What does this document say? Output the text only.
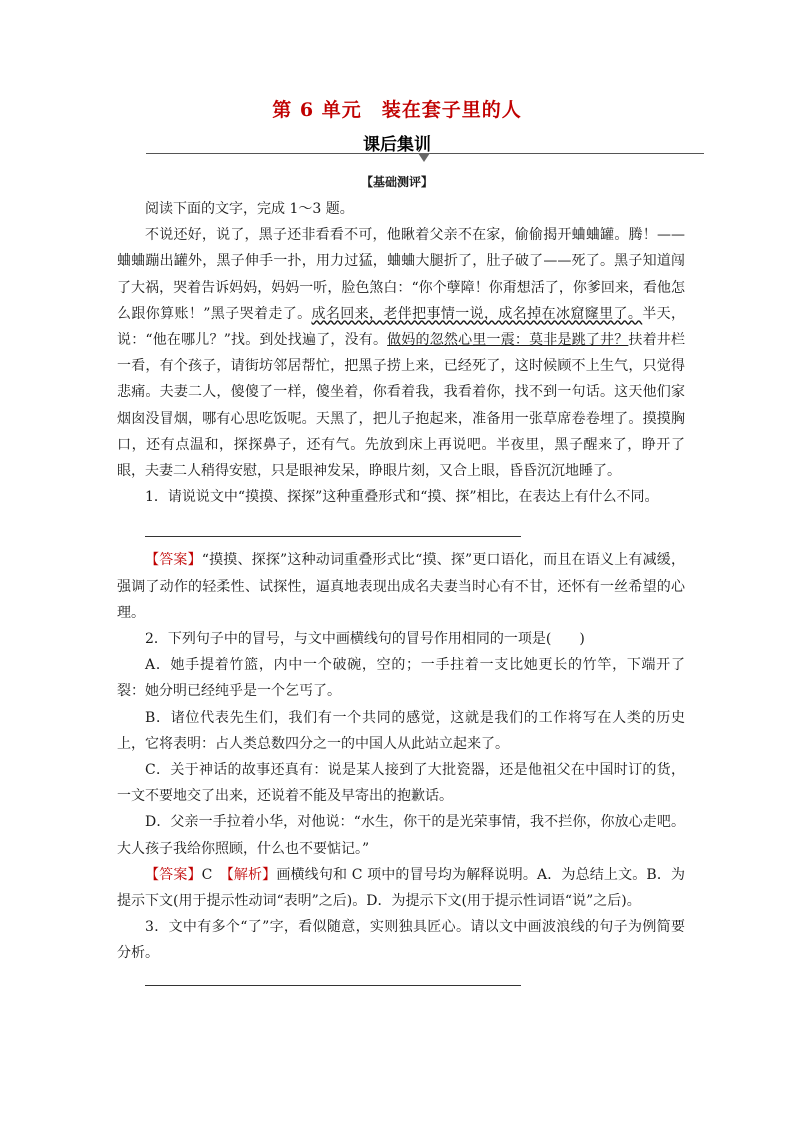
第 6 单元　装在套子里的人
课后集训
【基础测评】

阅读下面的文字，完成 1～3 题。

不说还好，说了，黑子还非看看不可，他瞅着父亲不在家，偷偷揭开蛐蛐罐。腾！——蛐蛐蹦出罐外，黑子伸手一扑，用力过猛，蛐蛐大腿折了，肚子破了——死了。黑子知道闯了大祸，哭着告诉妈妈，妈妈一听，脸色煞白：“你个孽障！你甭想活了，你爹回来，看他怎么跟你算账！”黑子哭着走了。成名回来，老伴把事情一说，成名掉在冰窟窿里了。半天，说：“他在哪儿？”找。到处找遍了，没有。做妈的忽然心里一震：莫非是跳了井？扶着井栏一看，有个孩子，请街坊邻居帮忙，把黑子捞上来，已经死了，这时候顾不上生气，只觉得悲痛。夫妻二人，傻傻了一样，傻坐着，你看着我，我看着你，找不到一句话。这天他们家烟囱没冒烟，哪有心思吃饭呢。天黑了，把儿子抱起来，准备用一张草席卷卷埋了。摸摸胸口，还有点温和，探探鼻子，还有气。先放到床上再说吧。半夜里，黑子醒来了，睁开了眼，夫妻二人稍得安慰，只是眼神发呆，睁眼片刻，又合上眼，昏昏沉沉地睡了。

1．请说说文中“摸摸、探探”这种重叠形式和“摸、探”相比，在表达上有什么不同。

【答案】“摸摸、探探”这种动词重叠形式比“摸、探”更口语化，而且在语义上有减缓，强调了动作的轻柔性、试探性，逼真地表现出成名夫妻当时心有不甘，还怀有一丝希望的心理。

2．下列句子中的冒号，与文中画横线句的冒号作用相同的一项是(　　)

A．她手提着竹篮，内中一个破碗，空的；一手拄着一支比她更长的竹竿，下端开了裂：她分明已经纯乎是一个乞丐了。

B．诸位代表先生们，我们有一个共同的感觉，这就是我们的工作将写在人类的历史上，它将表明：占人类总数四分之一的中国人从此站立起来了。

C．关于神话的故事还真有：说是某人接到了大批瓷器，还是他祖父在中国时订的货，一文不要地交了出来，还说着不能及早寄出的抱歉话。

D．父亲一手拉着小华，对他说：“水生，你干的是光荣事情，我不拦你，你放心走吧。大人孩子我给你照顾，什么也不要惦记。”

【答案】C　【解析】画横线句和 C 项中的冒号均为解释说明。A．为总结上文。B．为提示下文(用于提示性动词“表明”之后)。D．为提示下文(用于提示性词语“说”之后)。

3．文中有多个“了”字，看似随意，实则独具匠心。请以文中画波浪线的句子为例简要分析。
